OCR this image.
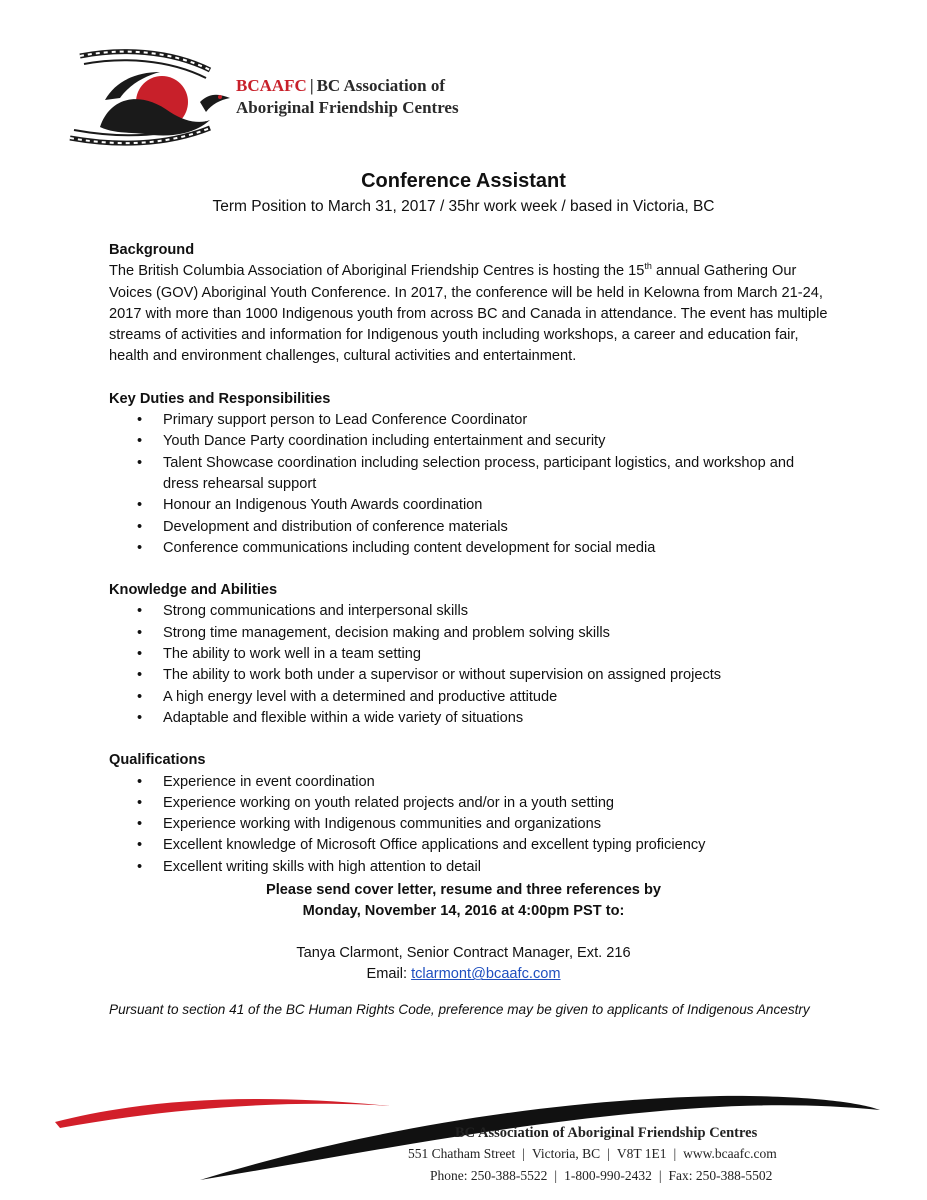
BCAAFC | BC Association of
Aboriginal Friendship Centres
Conference Assistant
Term Position to March 31, 2017 / 35hr work week / based in Victoria, BC

Background

The British Columbia Association of Aboriginal Friendship Centres is hosting the 15th annual Gathering Our Voices (GOV) Aboriginal Youth Conference. In 2017, the conference will be held in Kelowna from March 21-24, 2017 with more than 1000 Indigenous youth from across BC and Canada in attendance. The event has multiple streams of activities and information for Indigenous youth including workshops, a career and education fair, health and environment challenges, cultural activities and entertainment.

Key Duties and Responsibilities

• Primary support person to Lead Conference Coordinator
• Youth Dance Party coordination including entertainment and security
• Talent Showcase coordination including selection process, participant logistics, and workshop and dress rehearsal support
• Honour an Indigenous Youth Awards coordination
• Development and distribution of conference materials
• Conference communications including content development for social media

Knowledge and Abilities

• Strong communications and interpersonal skills
• Strong time management, decision making and problem solving skills
• The ability to work well in a team setting
• The ability to work both under a supervisor or without supervision on assigned projects
• A high energy level with a determined and productive attitude
• Adaptable and flexible within a wide variety of situations

Qualifications

• Experience in event coordination
• Experience working on youth related projects and/or in a youth setting
• Experience working with Indigenous communities and organizations
• Excellent knowledge of Microsoft Office applications and excellent typing proficiency
• Excellent writing skills with high attention to detail
Please send cover letter, resume and three references by
Monday, November 14, 2016 at 4:00pm PST to:
Tanya Clarmont, Senior Contract Manager, Ext. 216
Email: tclarmont@bcaafc.com
Pursuant to section 41 of the BC Human Rights Code, preference may be given to applicants of Indigenous Ancestry
BC Association of Aboriginal Friendship Centres
551 Chatham Street | Victoria, BC | V8T 1E1 | www.bcaafc.com
Phone: 250-388-5522 | 1-800-990-2432 | Fax: 250-388-5502
